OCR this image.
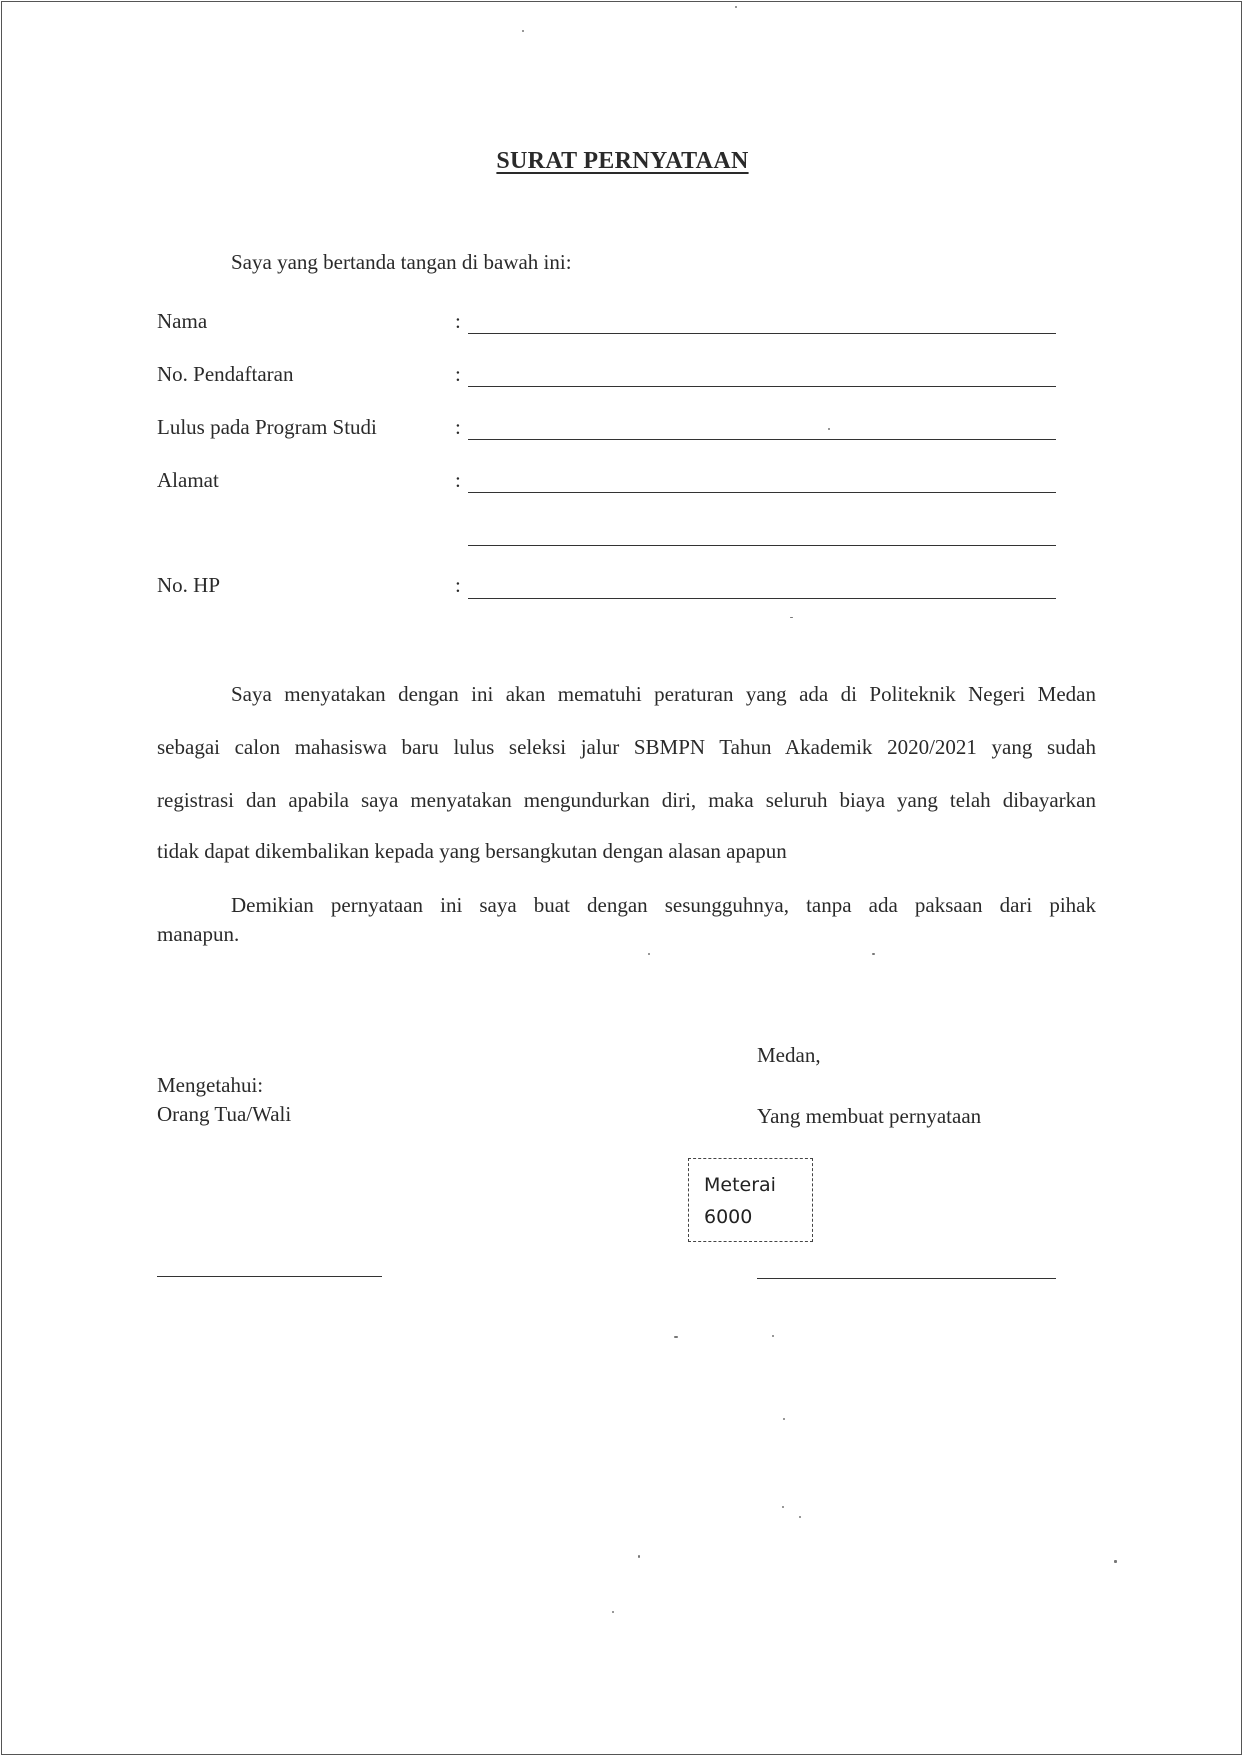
SURAT PERNYATAAN
Saya yang bertanda tangan di bawah ini:
Nama	:
No. Pendaftaran	:
Lulus pada Program Studi	:
Alamat	:
No. HP	:
Saya menyatakan dengan ini akan mematuhi peraturan yang ada di Politeknik Negeri Medan
sebagai calon mahasiswa baru lulus seleksi jalur SBMPN Tahun Akademik 2020/2021 yang sudah
registrasi dan apabila saya menyatakan mengundurkan diri, maka seluruh biaya yang telah dibayarkan
tidak dapat dikembalikan kepada yang bersangkutan dengan alasan apapun
Demikian pernyataan ini saya buat dengan sesungguhnya, tanpa ada paksaan dari pihak
manapun.
Medan,
Mengetahui:
Orang Tua/Wali	Yang membuat pernyataan
Meterai
6000
